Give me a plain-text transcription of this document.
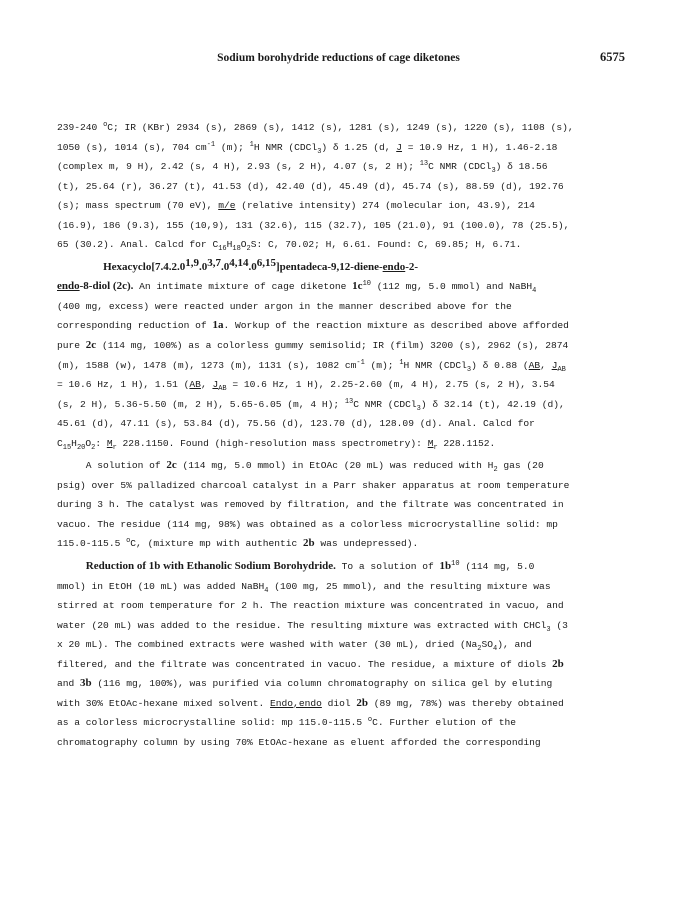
Sodium borohydride reductions of cage diketones	6575
239-240 $^o$C; IR (KBr) 2934 (s), 2869 (s), 1412 (s), 1281 (s), 1249 (s), 1220 (s), 1108 (s),
1050 (s), 1014 (s), 704 $cm^{-1}$ (m); $^1$H NMR (CDCl$_3$) δ 1.25 (d, J = 10.9 Hz, 1 H), 1.46-2.18
(complex m, 9 H), 2.42 (s, 4 H), 2.93 (s, 2 H), 4.07 (s, 2 H); $^{13}$C NMR (CDCl$_3$) δ 18.56
(t), 25.64 (r), 36.27 (t), 41.53 (d), 42.40 (d), 45.49 (d), 45.74 (s), 88.59 (d), 192.76
(s); mass spectrum (70 eV), m/e (relative intensity) 274 (molecular ion, 43.9), 214
(16.9), 186 (9.3), 155 (10,9), 131 (32.6), 115 (32.7), 105 (21.0), 91 (100.0), 78 (25.5),
65 (30.2). Anal. Calcd for $C_{16}H_{18}O_2S$: C, 70.02; H, 6.61. Found: C, 69.85; H, 6.71.
Hexacyclo[7.4.2.0$^{1,9}$.0$^{3,7}$.0$^{4,14}$.0$^{6,15}$]pentadeca-9,12-diene-endo-2-
endo-8-diol (2c). An intimate mixture of cage diketone $1c^{10}$ (112 mg, 5.0 mmol) and NaBH$_4$
(400 mg, excess) were reacted under argon in the manner described above for the
corresponding reduction of 1a. Workup of the reaction mixture as described above afforded
pure 2c (114 mg, 100%) as a colorless gummy semisolid; IR (film) 3200 (s), 2962 (s), 2874
(m), 1588 (w), 1478 (m), 1273 (m), 1131 (s), 1082 $cm^{-1}$ (m); $^1$H NMR (CDCl$_3$) δ 0.88 (AB, $J_{AB}$
= 10.6 Hz, 1 H), 1.51 (AB, $J_{AB} = 10.6$ Hz, 1 H), 2.25-2.60 (m, 4 H), 2.75 (s, 2 H), 3.54
(s, 2 H), 5.36-5.50 (m, 2 H), 5.65-6.05 (m, 4 H); $^{13}$C NMR (CDCl$_3$) δ 32.14 (t), 42.19 (d),
45.61 (d), 47.11 (s), 53.84 (d), 75.56 (d), 123.70 (d), 128.09 (d). Anal. Calcd for
$C_{15}H_{20}O_2$: $M_r$ 228.1150. Found (high-resolution mass spectrometry): $M_r$ 228.1152.
A solution of 2c (114 mg, 5.0 mmol) in EtOAc (20 mL) was reduced with $H_2$ gas (20
psig) over 5% palladized charcoal catalyst in a Parr shaker apparatus at room temperature
during 3 h. The catalyst was removed by filtration, and the filtrate was concentrated in
vacuo. The residue (114 mg, 98%) was obtained as a colorless microcrystalline solid: mp
115.0-115.5 $^o$C, (mixture mp with authentic 2b was undepressed).
Reduction of 1b with Ethanolic Sodium Borohydride. To a solution of $1b^{10}$ (114 mg, 5.0
mmol) in EtOH (10 mL) was added NaBH$_4$ (100 mg, 25 mmol), and the resulting mixture was
stirred at room temperature for 2 h. The reaction mixture was concentrated in vacuo, and
water (20 mL) was added to the residue. The resulting mixture was extracted with CHCl$_3$ (3
x 20 mL). The combined extracts were washed with water (30 mL), dried $(Na_2SO_4)$, and
filtered, and the filtrate was concentrated in vacuo. The residue, a mixture of diols 2b
and 3b (116 mg, 100%), was purified via column chromatography on silica gel by eluting
with 30% EtOAc-hexane mixed solvent. Endo,endo diol 2b (89 mg, 78%) was thereby obtained
as a colorless microcrystalline solid: mp 115.0-115.5 $^o$C. Further elution of the
chromatography column by using 70% EtOAc-hexane as eluent afforded the corresponding
